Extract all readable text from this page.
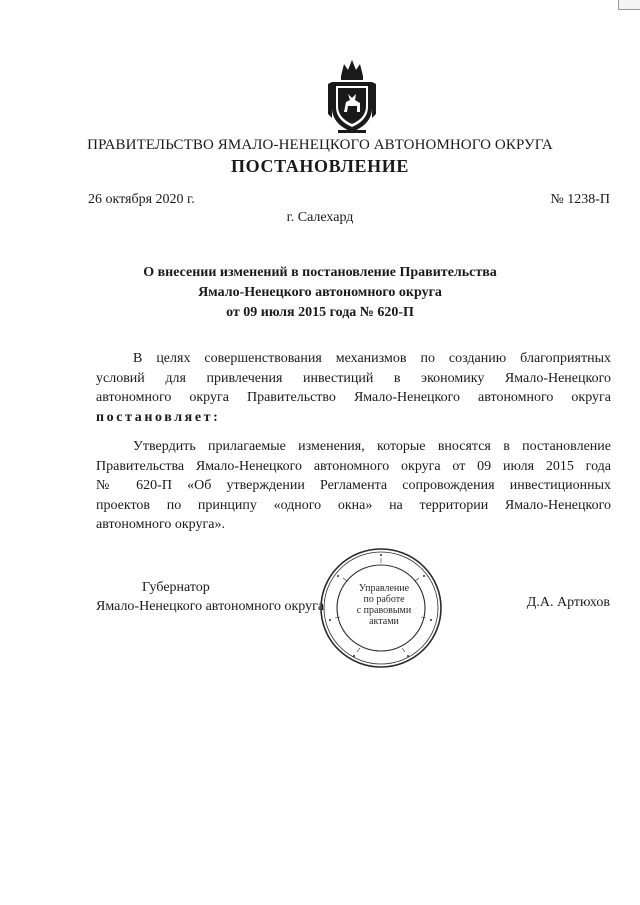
ПРАВИТЕЛЬСТВО ЯМАЛО-НЕНЕЦКОГО АВТОНОМНОГО ОКРУГА
ПОСТАНОВЛЕНИЕ
26 октября 2020 г.	№ 1238-П
г. Салехард
О внесении изменений в постановление Правительства
Ямало-Ненецкого автономного округа
от 09 июля 2015 года № 620-П
В целях совершенствования механизмов по созданию благоприятных
условий для привлечения инвестиций в экономику Ямало-Ненецкого
автономного округа Правительство Ямало-Ненецкого автономного округа
постановляет:
Утвердить прилагаемые изменения, которые вносятся в постановление
Правительства Ямало-Ненецкого автономного округа от 09 июля 2015 года
№ 620-П «Об утверждении Регламента сопровождения инвестиционных
проектов по принципу «одного окна» на территории Ямало-Ненецкого
автономного округа».
Губернатор
Ямало-Ненецкого автономного округа
Управление
по работе
с правовыми
актами
Д.А. Артюхов
